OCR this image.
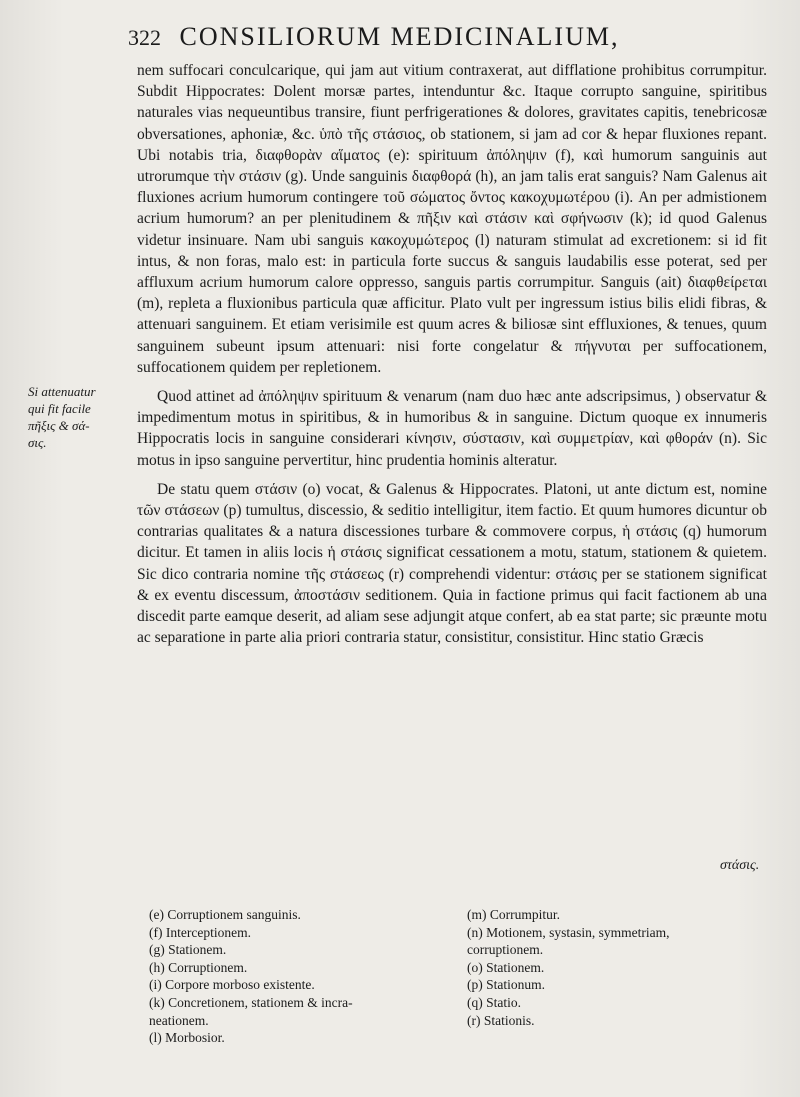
322 CONSILIORUM MEDICINALIUM,
Si attenuatur
qui fit facile
πῆξις & σά-
σις.

nem suffocari conculcarique, qui jam aut vitium contraxerat, aut difflatione prohibitus corrumpitur. Subdit Hippocrates: Dolent morsæ partes, intenduntur &c. Itaque corrupto sanguine, spiritibus naturales vias nequeuntibus transire, fiunt perfrigerationes & dolores, gravitates capitis, tenebricosæ obversationes, aphoniæ, &c. ὑπὸ τῆς στάσιος, ob stationem, si jam ad cor & hepar fluxiones repant. Ubi notabis tria, διαφθορὰν αἵματος (e): spirituum ἀπόληψιν (f), καὶ humorum sanguinis aut utrorumque τὴν στάσιν (g). Unde sanguinis διαφθορά (h), an jam talis erat sanguis? Nam Galenus ait fluxiones acrium humorum contingere τοῦ σώματος ὄντος κακοχυμωτέρου (i). An per admistionem acrium humorum? an per plenitudinem & πῆξιν καὶ στάσιν καὶ σφήνωσιν (k); id quod Galenus videtur insinuare. Nam ubi sanguis κακοχυμώτερος (l) naturam stimulat ad excretionem: si id fit intus, & non foras, malo est: in particula forte succus & sanguis laudabilis esse poterat, sed per affluxum acrium humorum calore oppresso, sanguis partis corrumpitur. Sanguis (ait) διαφθείρεται (m), repleta a fluxionibus particula quæ afficitur. Plato vult per ingressum istius bilis elidi fibras, & attenuari sanguinem. Et etiam verisimile est quum acres & biliosæ sint effluxiones, & tenues, quum sanguinem subeunt ipsum attenuari: nisi forte congelatur & πήγνυται per suffocationem, suffocationem quidem per repletionem.

Quod attinet ad ἀπόληψιν spirituum & venarum (nam duo hæc ante adscripsimus, ) observatur & impedimentum motus in spiritibus, & in humoribus & in sanguine. Dictum quoque ex innumeris Hippocratis locis in sanguine considerari κίνησιν, σύστασιν, καὶ συμμετρίαν, καὶ φθοράν (n). Sic motus in ipso sanguine pervertitur, hinc prudentia hominis alteratur.

De statu quem στάσιν (o) vocat, & Galenus & Hippocrates. Platoni, ut ante dictum est, nomine τῶν στάσεων (p) tumultus, discessio, & seditio intelligitur, item factio. Et quum humores dicuntur ob contrarias qualitates & a natura discessiones turbare & commovere corpus, ἡ στάσις (q) humorum dicitur. Et tamen in aliis locis ἡ στάσις significat cessationem a motu, statum, stationem & quietem. Sic dico contraria nomine τῆς στάσεως (r) comprehendi videntur: στάσις per se stationem significat & ex eventu discessum, ἀποστάσιν seditionem. Quia in factione primus qui facit factionem ab una discedit parte eamque deserit, ad aliam sese adjungit atque confert, ab ea stat parte; sic præunte motu ac separatione in parte alia priori contraria statur, consistitur, consistitur. Hinc statio Græcis

στάσις.
(e) Corruptionem sanguinis.
(f) Interceptionem.
(g) Stationem.
(h) Corruptionem.
(i) Corpore morboso existente.
(k) Concretionem, stationem & incra-
neationem.
(l) Morbosior.
(m) Corrumpitur.
(n) Motionem, systasin, symmetriam,
corruptionem.
(o) Stationem.
(p) Stationum.
(q) Statio.
(r) Stationis.
